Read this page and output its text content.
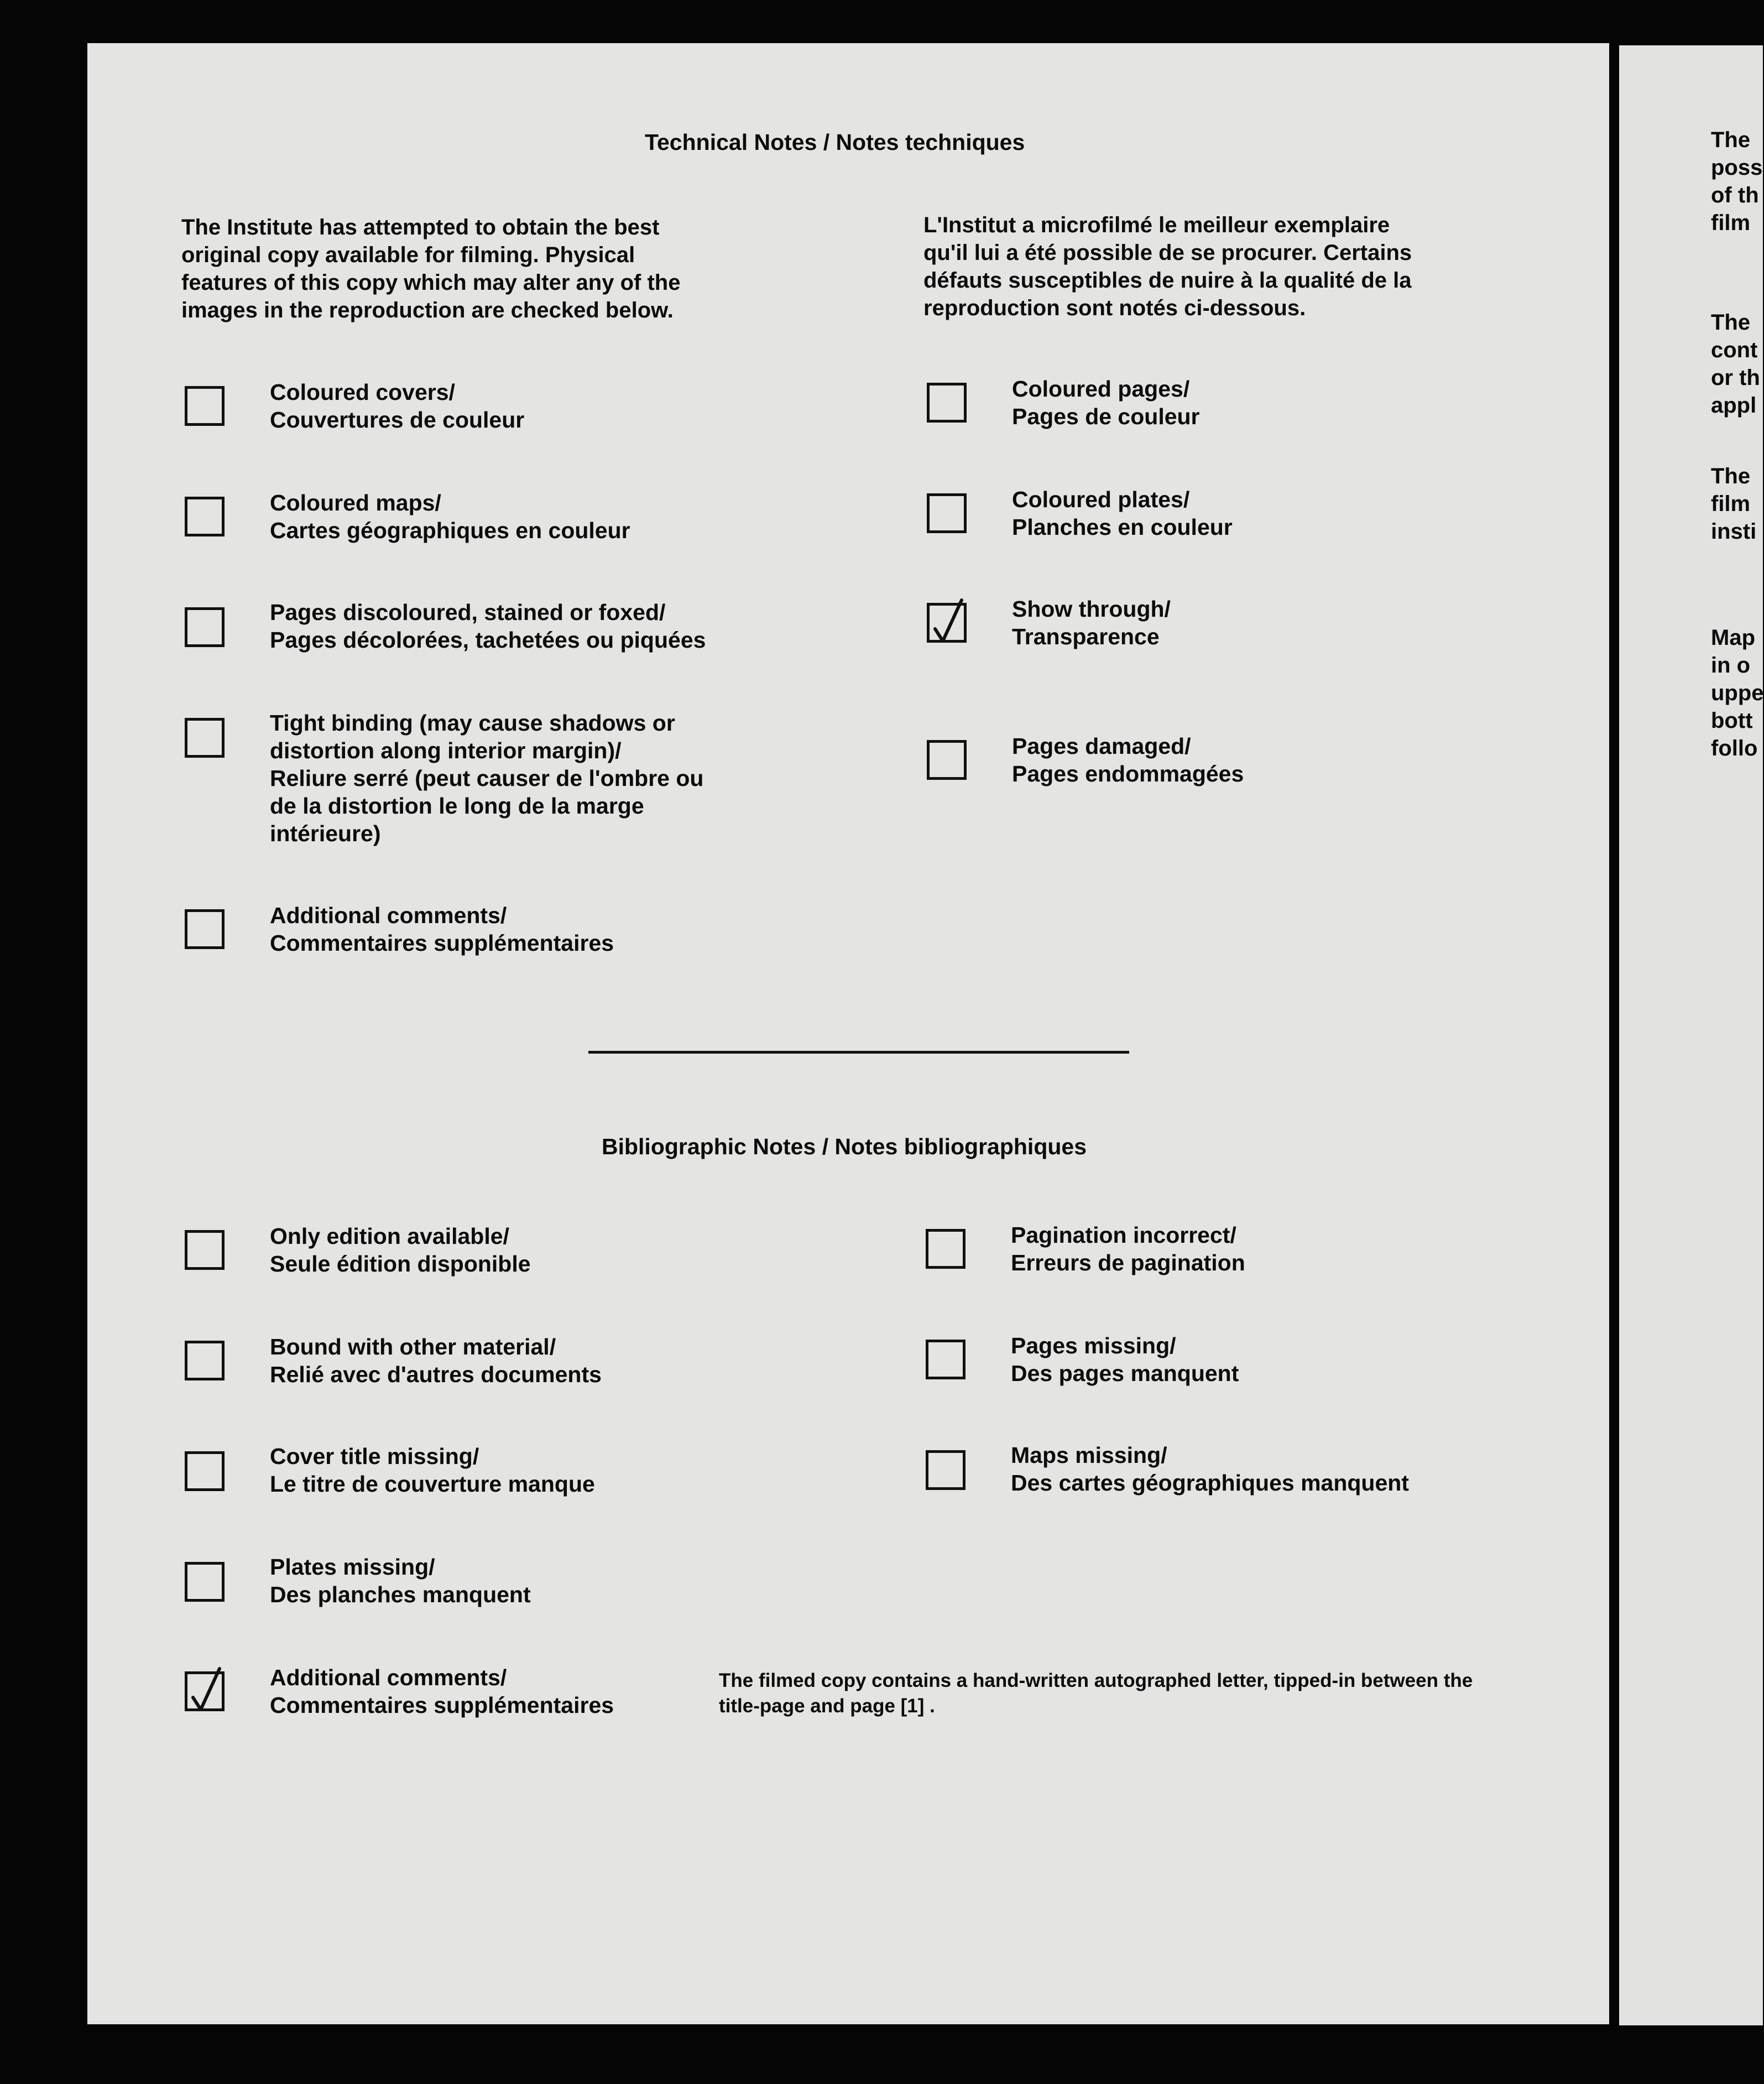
Technical Notes / Notes techniques
The Institute has attempted to obtain the best
original copy available for filming. Physical
features of this copy which may alter any of the
images in the reproduction are checked below.
L'Institut a microfilmé le meilleur exemplaire
qu'il lui a été possible de se procurer. Certains
défauts susceptibles de nuire à la qualité de la
reproduction sont notés ci-dessous.
Coloured covers/
Couvertures de couleur
Coloured maps/
Cartes géographiques en couleur
Pages discoloured, stained or foxed/
Pages décolorées, tachetées ou piquées
Tight binding (may cause shadows or
distortion along interior margin)/
Reliure serré (peut causer de l'ombre ou
de la distortion le long de la marge
intérieure)
Additional comments/
Commentaires supplémentaires
Coloured pages/
Pages de couleur
Coloured plates/
Planches en couleur
Show through/
Transparence
Pages damaged/
Pages endommagées
Bibliographic Notes / Notes bibliographiques
Only edition available/
Seule édition disponible
Bound with other material/
Relié avec d'autres documents
Cover title missing/
Le titre de couverture manque
Plates missing/
Des planches manquent
Additional comments/
Commentaires supplémentaires
Pagination incorrect/
Erreurs de pagination
Pages missing/
Des pages manquent
Maps missing/
Des cartes géographiques manquent
The filmed copy contains a hand-written autographed letter, tipped-in between the
title-page and page [1] .
The
poss
of th
film
The
cont
or th
appl
The
film
insti
Map
in o
uppe
bott
follo
